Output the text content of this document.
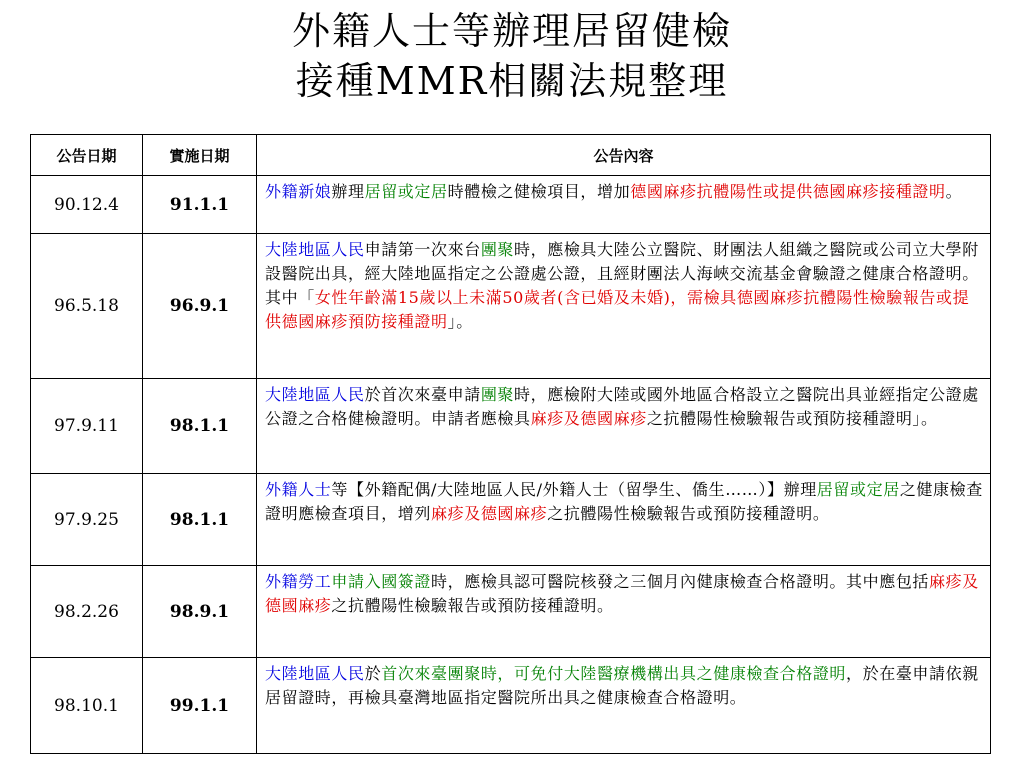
外籍人士等辦理居留健檢
接種MMR相關法規整理
公告日期	實施日期	公告內容
90.12.4	91.1.1	外籍新娘辦理居留或定居時體檢之健檢項目，增加德國麻疹抗體陽性或提供德國麻疹接種證明。
96.5.18	96.9.1	大陸地區人民申請第一次來台團聚時，應檢具大陸公立醫院、財團法人組織之醫院或公司立大學附設醫院出具，經大陸地區指定之公證處公證，且經財團法人海峽交流基金會驗證之健康合格證明。其中「女性年齡滿15歲以上未滿50歲者(含已婚及未婚)，需檢具德國麻疹抗體陽性檢驗報告或提供德國麻疹預防接種證明」。
97.9.11	98.1.1	大陸地區人民於首次來臺申請團聚時，應檢附大陸或國外地區合格設立之醫院出具並經指定公證處公證之合格健檢證明。申請者應檢具麻疹及德國麻疹之抗體陽性檢驗報告或預防接種證明」。
97.9.25	98.1.1	外籍人士等【外籍配偶/大陸地區人民/外籍人士（留學生、僑生……）】辦理居留或定居之健康檢查證明應檢查項目，增列麻疹及德國麻疹之抗體陽性檢驗報告或預防接種證明。
98.2.26	98.9.1	外籍勞工申請入國簽證時，應檢具認可醫院核發之三個月內健康檢查合格證明。其中應包括麻疹及德國麻疹之抗體陽性檢驗報告或預防接種證明。
98.10.1	99.1.1	大陸地區人民於首次來臺團聚時，可免付大陸醫療機構出具之健康檢查合格證明，於在臺申請依親居留證時，再檢具臺灣地區指定醫院所出具之健康檢查合格證明。
